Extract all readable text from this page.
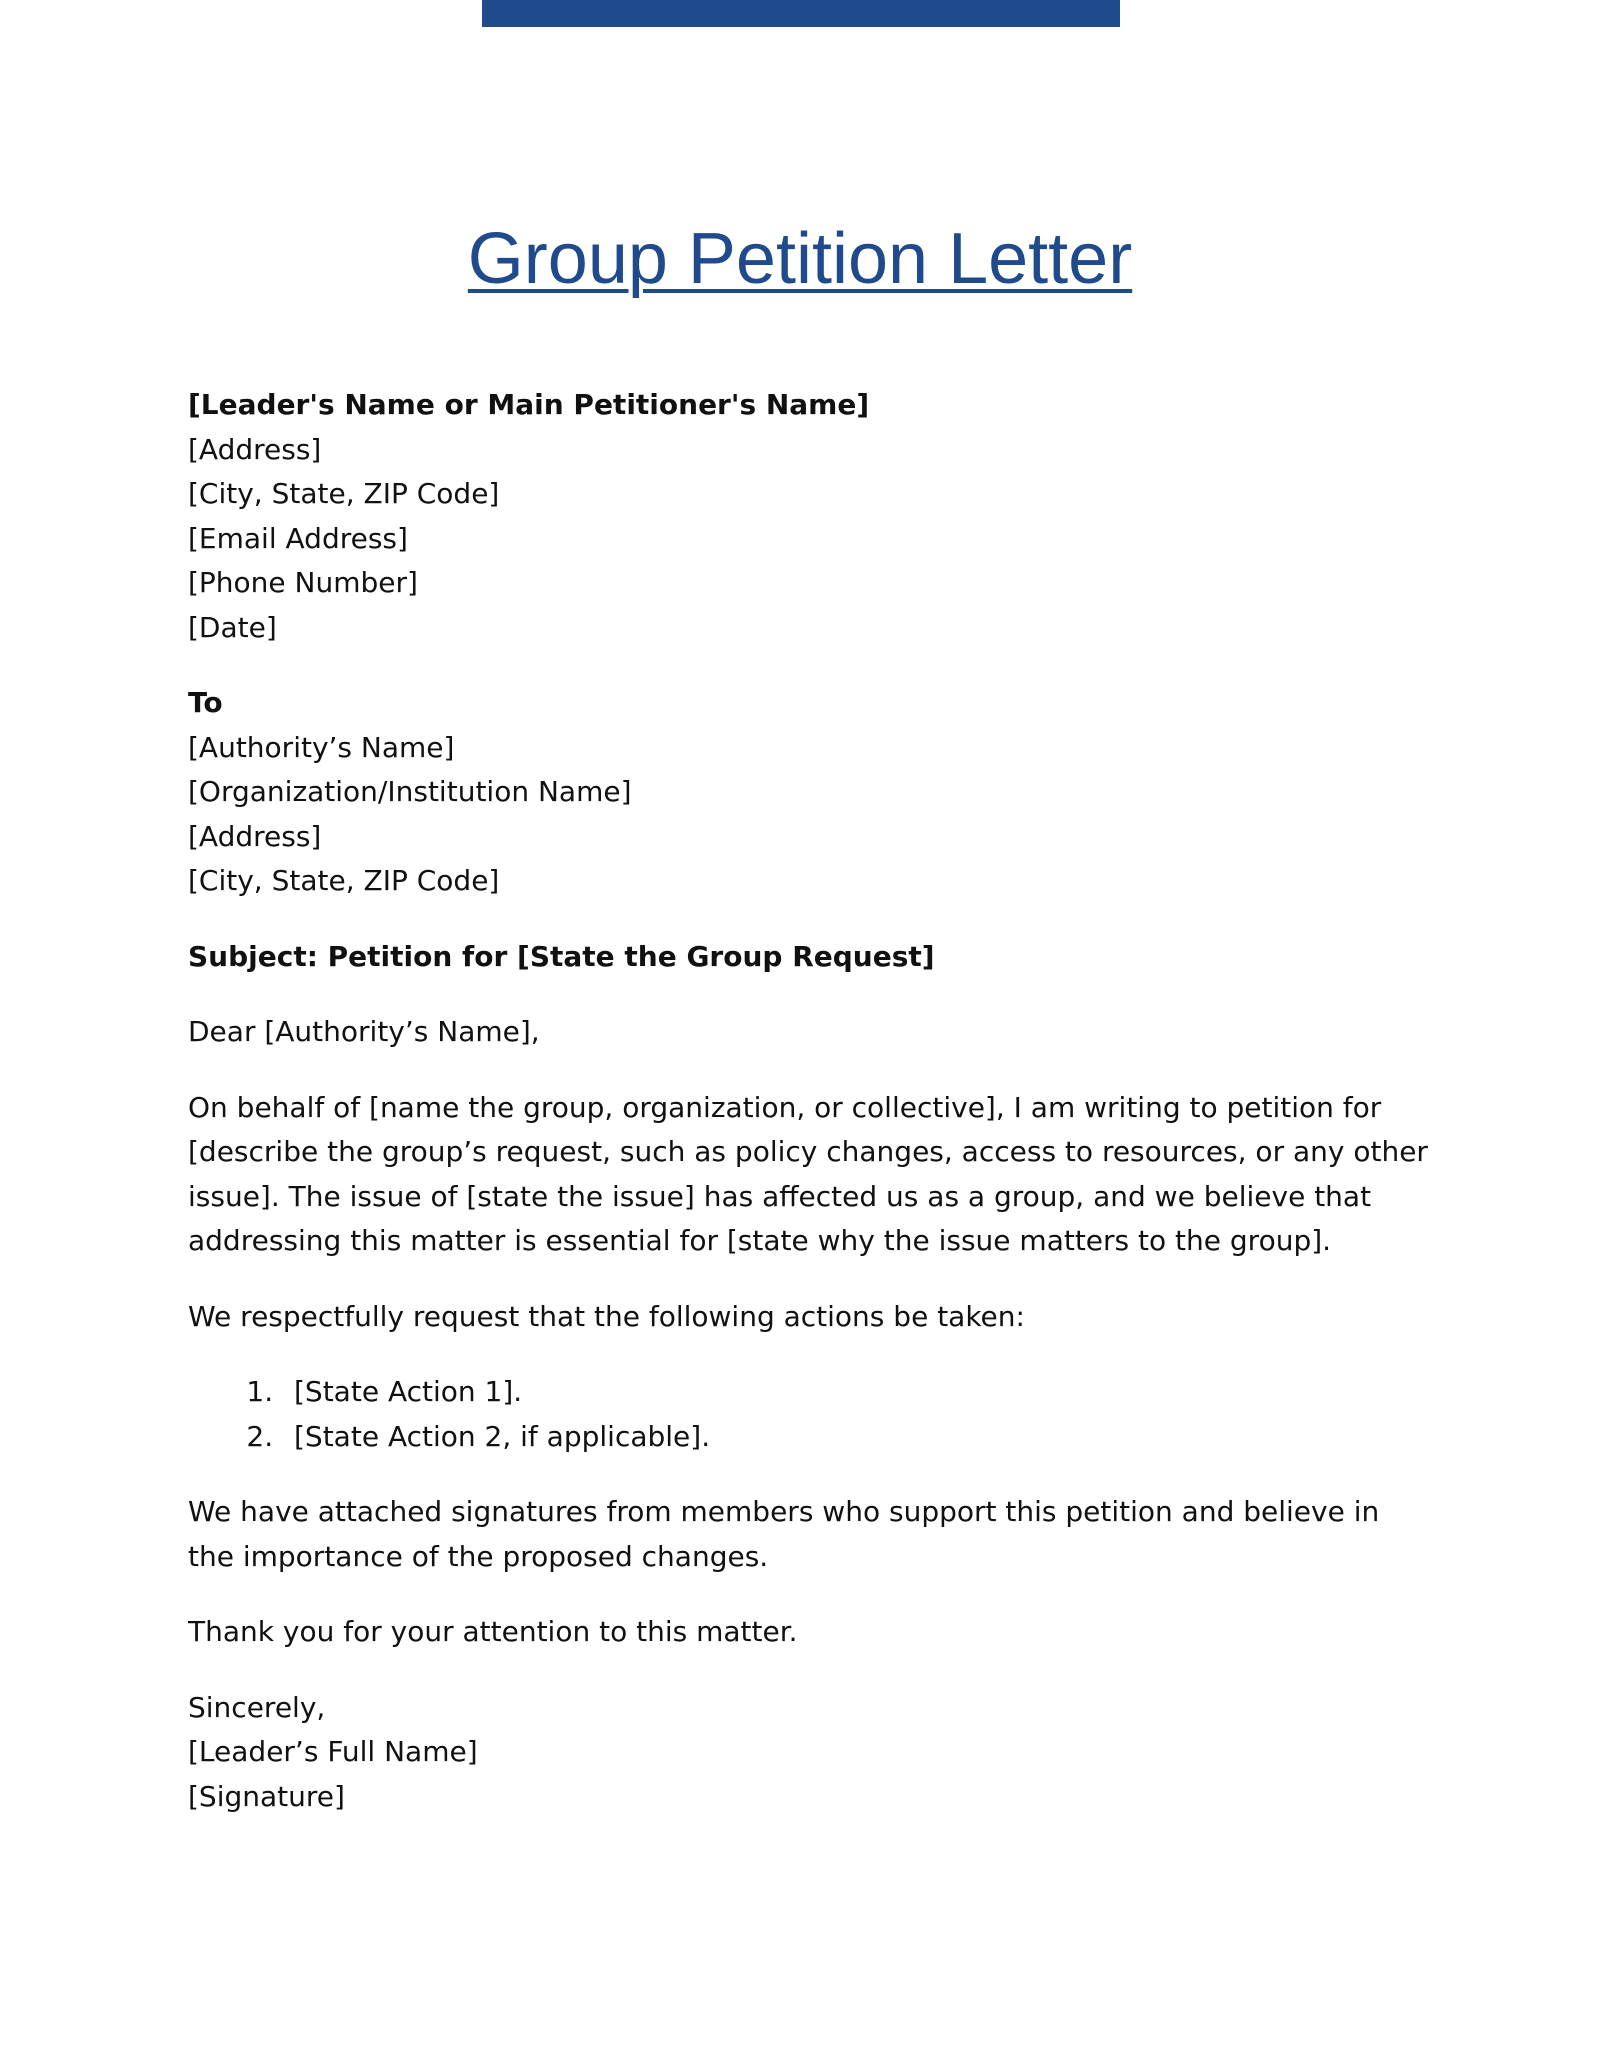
Group Petition Letter
[Leader's Name or Main Petitioner's Name]
[Address]
[City, State, ZIP Code]
[Email Address]
[Phone Number]
[Date]
To
[Authority’s Name]
[Organization/Institution Name]
[Address]
[City, State, ZIP Code]

Subject: Petition for [State the Group Request]

Dear [Authority’s Name],

On behalf of [name the group, organization, or collective], I am writing to petition for [describe the group’s request, such as policy changes, access to resources, or any other issue]. The issue of [state the issue] has affected us as a group, and we believe that addressing this matter is essential for [state why the issue matters to the group].

We respectfully request that the following actions be taken:

1. [State Action 1].
2. [State Action 2, if applicable].

We have attached signatures from members who support this petition and believe in the importance of the proposed changes.

Thank you for your attention to this matter.

Sincerely,
[Leader’s Full Name]
[Signature]
